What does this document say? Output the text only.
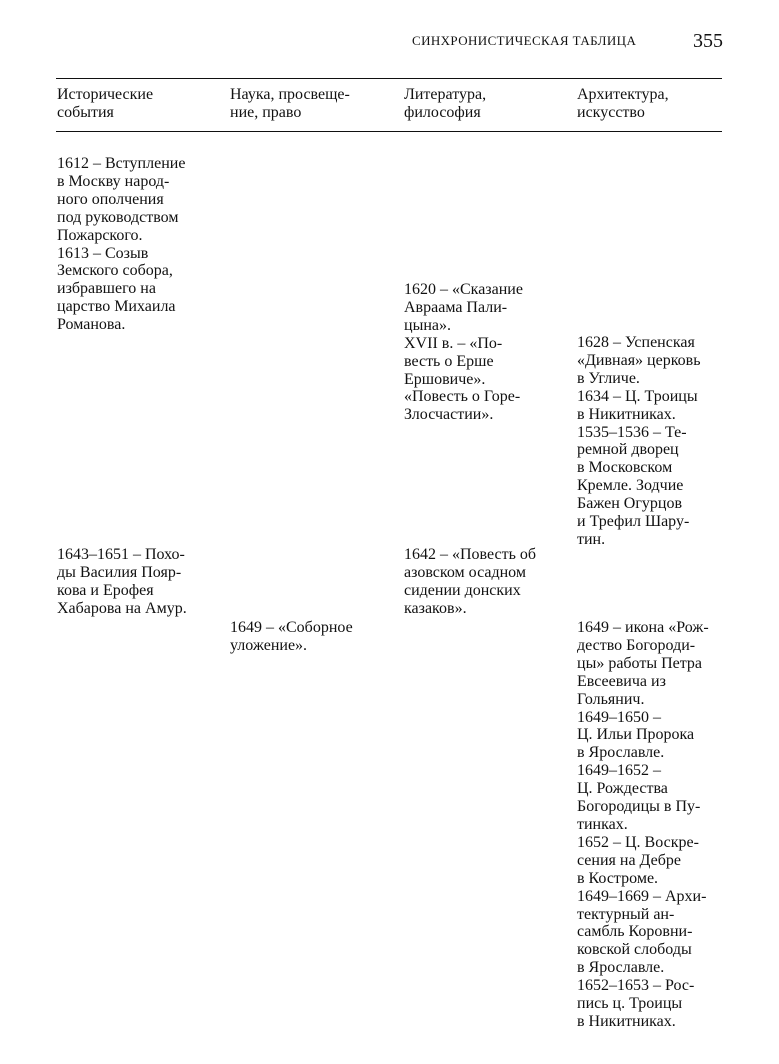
СИНХРОНИСТИЧЕСКАЯ ТАБЛИЦА	355
Исторические
события
Наука, просвеще-
ние, право
Литература,
философия
Архитектура,
искусство
1612 – Вступление
в Москву народ-
ного ополчения
под руководством
Пожарского.
1613 – Созыв
Земского собора,
избравшего на
царство Михаила
Романова.
1620 – «Сказание
Авраама Пали-
цына».
XVII в. – «По-
весть о Ерше
Ершовиче».
«Повесть о Горе-
Злосчастии».
1628 – Успенская
«Дивная» церковь
в Угличе.
1634 – Ц. Троицы
в Никитниках.
1535–1536 – Те-
ремной дворец
в Московском
Кремле. Зодчие
Бажен Огурцов
и Трефил Шару-
тин.
1643–1651 – Похо-
ды Василия Пояр-
кова и Ерофея
Хабарова на Амур.
1642 – «Повесть об
азовском осадном
сидении донских
казаков».
1649 – «Соборное
уложение».
1649 – икона «Рож-
дество Богороди-
цы» работы Петра
Евсеевича из
Гольянич.
1649–1650 –
Ц. Ильи Пророка
в Ярославле.
1649–1652 –
Ц. Рождества
Богородицы в Пу-
тинках.
1652 – Ц. Воскре-
сения на Дебре
в Костроме.
1649–1669 – Архи-
тектурный ан-
самбль Коровни-
ковской слободы
в Ярославле.
1652–1653 – Рос-
пись ц. Троицы
в Никитниках.
